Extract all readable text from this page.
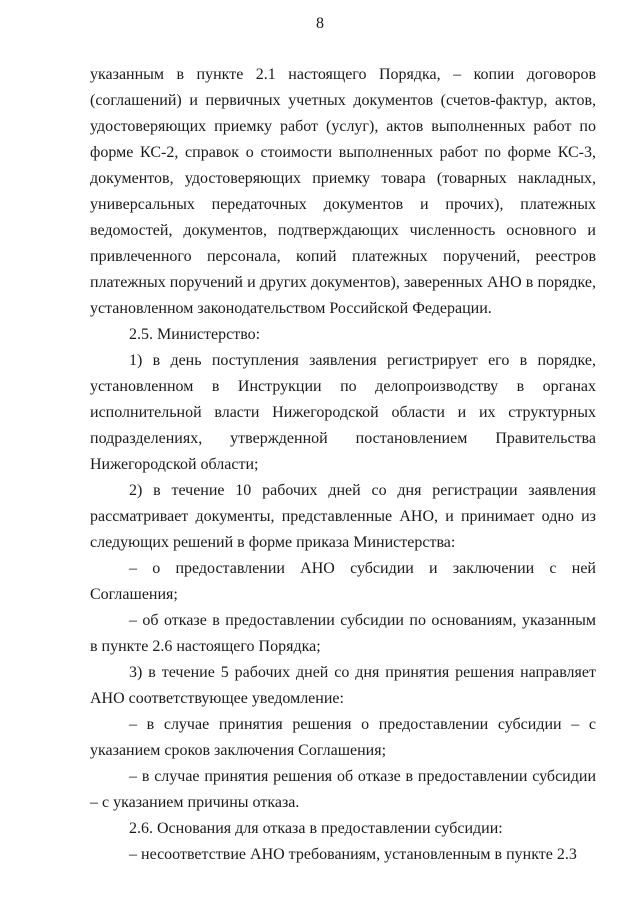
8

указанным в пункте 2.1 настоящего Порядка, – копии договоров (соглашений) и первичных учетных документов (счетов-фактур, актов, удостоверяющих приемку работ (услуг), актов выполненных работ по форме КС-2, справок о стоимости выполненных работ по форме КС-3, документов, удостоверяющих приемку товара (товарных накладных, универсальных передаточных документов и прочих), платежных ведомостей, документов, подтверждающих численность основного и привлеченного персонала, копий платежных поручений, реестров платежных поручений и других документов), заверенных АНО в порядке, установленном законодательством Российской Федерации.

2.5. Министерство:

1) в день поступления заявления регистрирует его в порядке, установленном в Инструкции по делопроизводству в органах исполнительной власти Нижегородской области и их структурных подразделениях, утвержденной постановлением Правительства Нижегородской области;

2) в течение 10 рабочих дней со дня регистрации заявления рассматривает документы, представленные АНО, и принимает одно из следующих решений в форме приказа Министерства:

– о предоставлении АНО субсидии и заключении с ней Соглашения;

– об отказе в предоставлении субсидии по основаниям, указанным в пункте 2.6 настоящего Порядка;

3) в течение 5 рабочих дней со дня принятия решения направляет АНО соответствующее уведомление:

– в случае принятия решения о предоставлении субсидии – с указанием сроков заключения Соглашения;

– в случае принятия решения об отказе в предоставлении субсидии – с указанием причины отказа.

2.6. Основания для отказа в предоставлении субсидии:

– несоответствие АНО требованиям, установленным в пункте 2.3
